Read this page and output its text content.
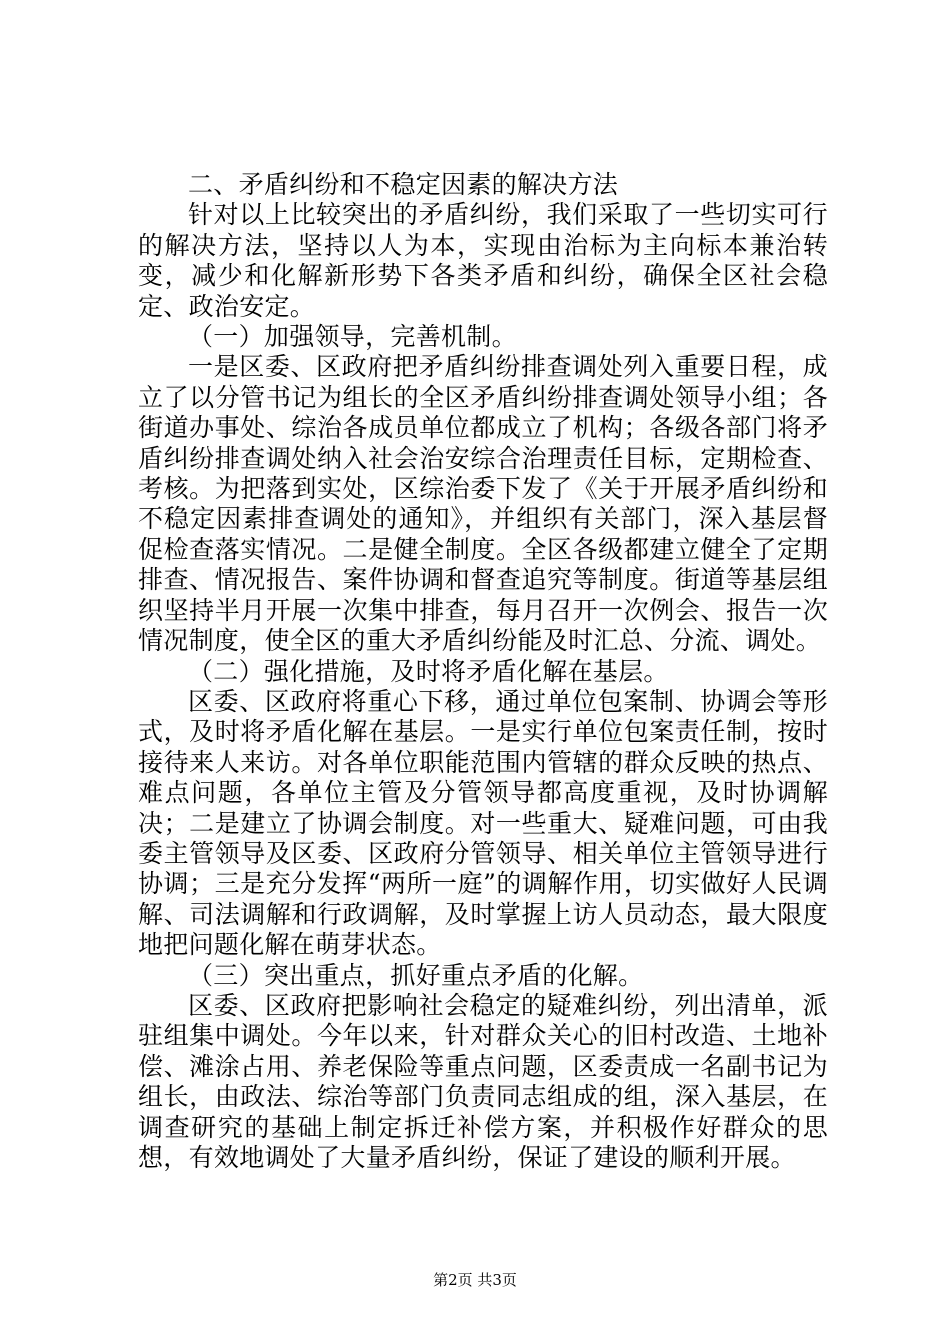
二、矛盾纠纷和不稳定因素的解决方法

针对以上比较突出的矛盾纠纷，我们采取了一些切实可行的解决方法，坚持以人为本，实现由治标为主向标本兼治转变，减少和化解新形势下各类矛盾和纠纷，确保全区社会稳定、政治安定。

（一）加强领导，完善机制。

一是区委、区政府把矛盾纠纷排查调处列入重要日程，成立了以分管书记为组长的全区矛盾纠纷排查调处领导小组；各街道办事处、综治各成员单位都成立了机构；各级各部门将矛盾纠纷排查调处纳入社会治安综合治理责任目标，定期检查、考核。为把落到实处，区综治委下发了《关于开展矛盾纠纷和不稳定因素排查调处的通知》，并组织有关部门，深入基层督促检查落实情况。二是健全制度。全区各级都建立健全了定期排查、情况报告、案件协调和督查追究等制度。街道等基层组织坚持半月开展一次集中排查，每月召开一次例会、报告一次情况制度，使全区的重大矛盾纠纷能及时汇总、分流、调处。

（二）强化措施，及时将矛盾化解在基层。

区委、区政府将重心下移，通过单位包案制、协调会等形式，及时将矛盾化解在基层。一是实行单位包案责任制，按时接待来人来访。对各单位职能范围内管辖的群众反映的热点、难点问题，各单位主管及分管领导都高度重视，及时协调解决；二是建立了协调会制度。对一些重大、疑难问题，可由我委主管领导及区委、区政府分管领导、相关单位主管领导进行协调；三是充分发挥“两所一庭”的调解作用，切实做好人民调解、司法调解和行政调解，及时掌握上访人员动态，最大限度地把问题化解在萌芽状态。

（三）突出重点，抓好重点矛盾的化解。

区委、区政府把影响社会稳定的疑难纠纷，列出清单，派驻组集中调处。今年以来，针对群众关心的旧村改造、土地补偿、滩涂占用、养老保险等重点问题，区委责成一名副书记为组长，由政法、综治等部门负责同志组成的组，深入基层，在调查研究的基础上制定拆迁补偿方案，并积极作好群众的思想，有效地调处了大量矛盾纠纷，保证了建设的顺利开展。

第2页 共3页
